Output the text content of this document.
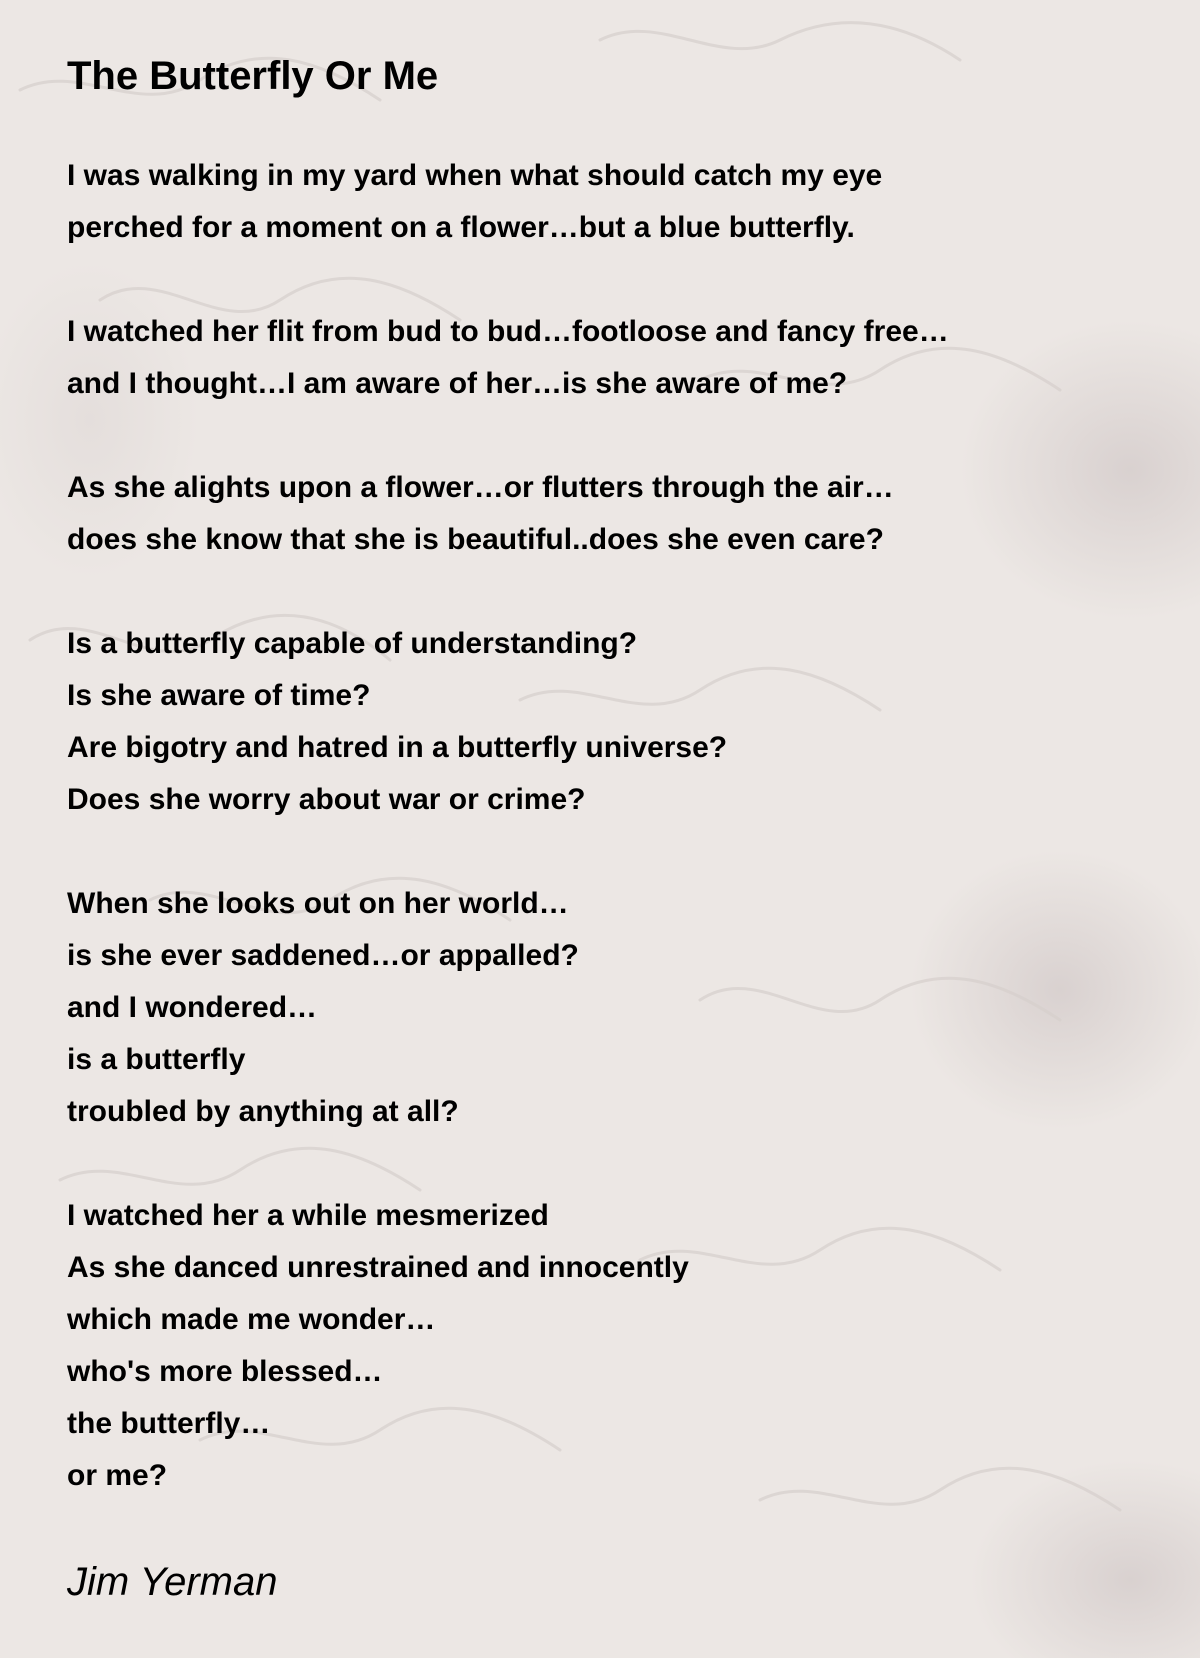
The Butterfly Or Me
I was walking in my yard when what should catch my eye
perched for a moment on a flower…but a blue butterfly.
I watched her flit from bud to bud…footloose and fancy free…
and I thought…I am aware of her…is she aware of me?
As she alights upon a flower…or flutters through the air…
does she know that she is beautiful..does she even care?
Is a butterfly capable of understanding?
Is she aware of time?
Are bigotry and hatred in a butterfly universe?
Does she worry about war or crime?
When she looks out on her world…
is she ever saddened…or appalled?
and I wondered…
is a butterfly
troubled by anything at all?
I watched her a while mesmerized
As she danced unrestrained and innocently
which made me wonder…
who's more blessed…
the butterfly…
or me?
Jim Yerman
